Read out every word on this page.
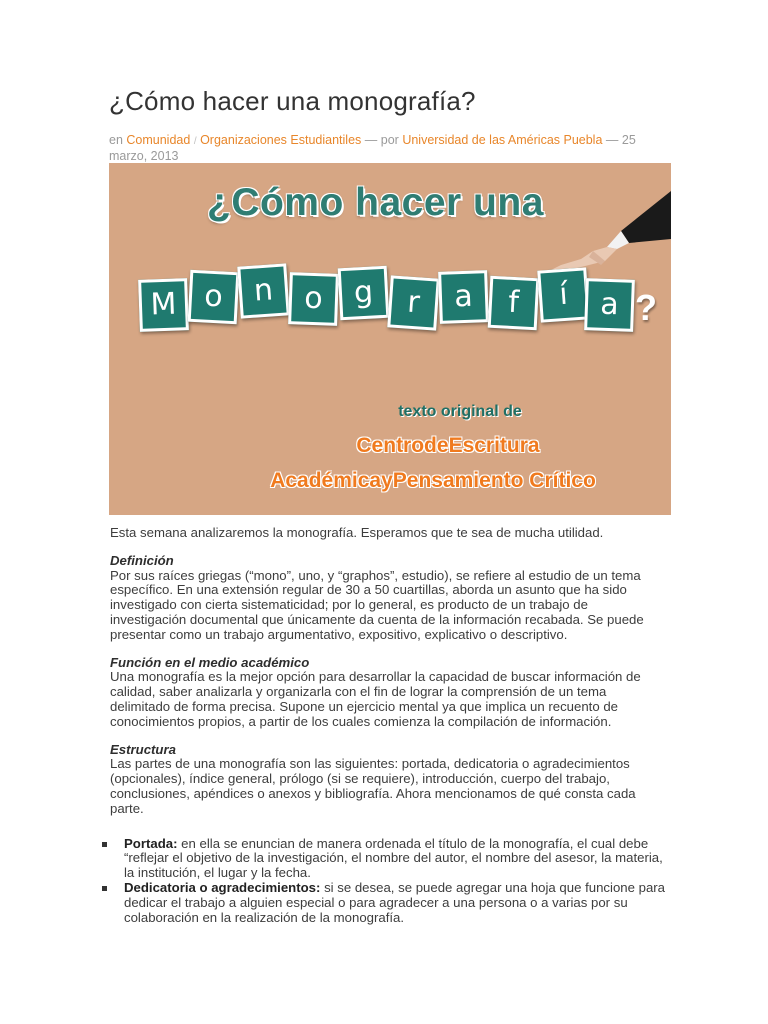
¿Cómo hacer una monografía?
en Comunidad / Organizaciones Estudiantiles — por Universidad de las Américas Puebla — 25 marzo, 2013
¿Cómo hacer una
M o n o g	r	a	f	í	a ?
texto original de
CentrodeEscritura
AcadémicayPensamiento Crítico

Esta semana analizaremos la monografía. Esperamos que te sea de mucha utilidad.

Definición
Por sus raíces griegas (“mono”, uno, y “graphos”, estudio), se refiere al estudio de un tema específico. En una extensión regular de 30 a 50 cuartillas, aborda un asunto que ha sido investigado con cierta sistematicidad; por lo general, es producto de un trabajo de investigación documental que únicamente da cuenta de la información recabada. Se puede presentar como un trabajo argumentativo, expositivo, explicativo o descriptivo.

Función en el medio académico
Una monografía es la mejor opción para desarrollar la capacidad de buscar información de calidad, saber analizarla y organizarla con el fin de lograr la comprensión de un tema delimitado de forma precisa. Supone un ejercicio mental ya que implica un recuento de conocimientos propios, a partir de los cuales comienza la compilación de información.

Estructura
Las partes de una monografía son las siguientes: portada, dedicatoria o agradecimientos (opcionales), índice general, prólogo (si se requiere), introducción, cuerpo del trabajo, conclusiones, apéndices o anexos y bibliografía. Ahora mencionamos de qué consta cada parte.

Portada: en ella se enuncian de manera ordenada el título de la monografía, el cual debe “reflejar el objetivo de la investigación, el nombre del autor, el nombre del asesor, la materia, la institución, el lugar y la fecha.
Dedicatoria o agradecimientos: si se desea, se puede agregar una hoja que funcione para dedicar el trabajo a alguien especial o para agradecer a una persona o a varias por su colaboración en la realización de la monografía.
